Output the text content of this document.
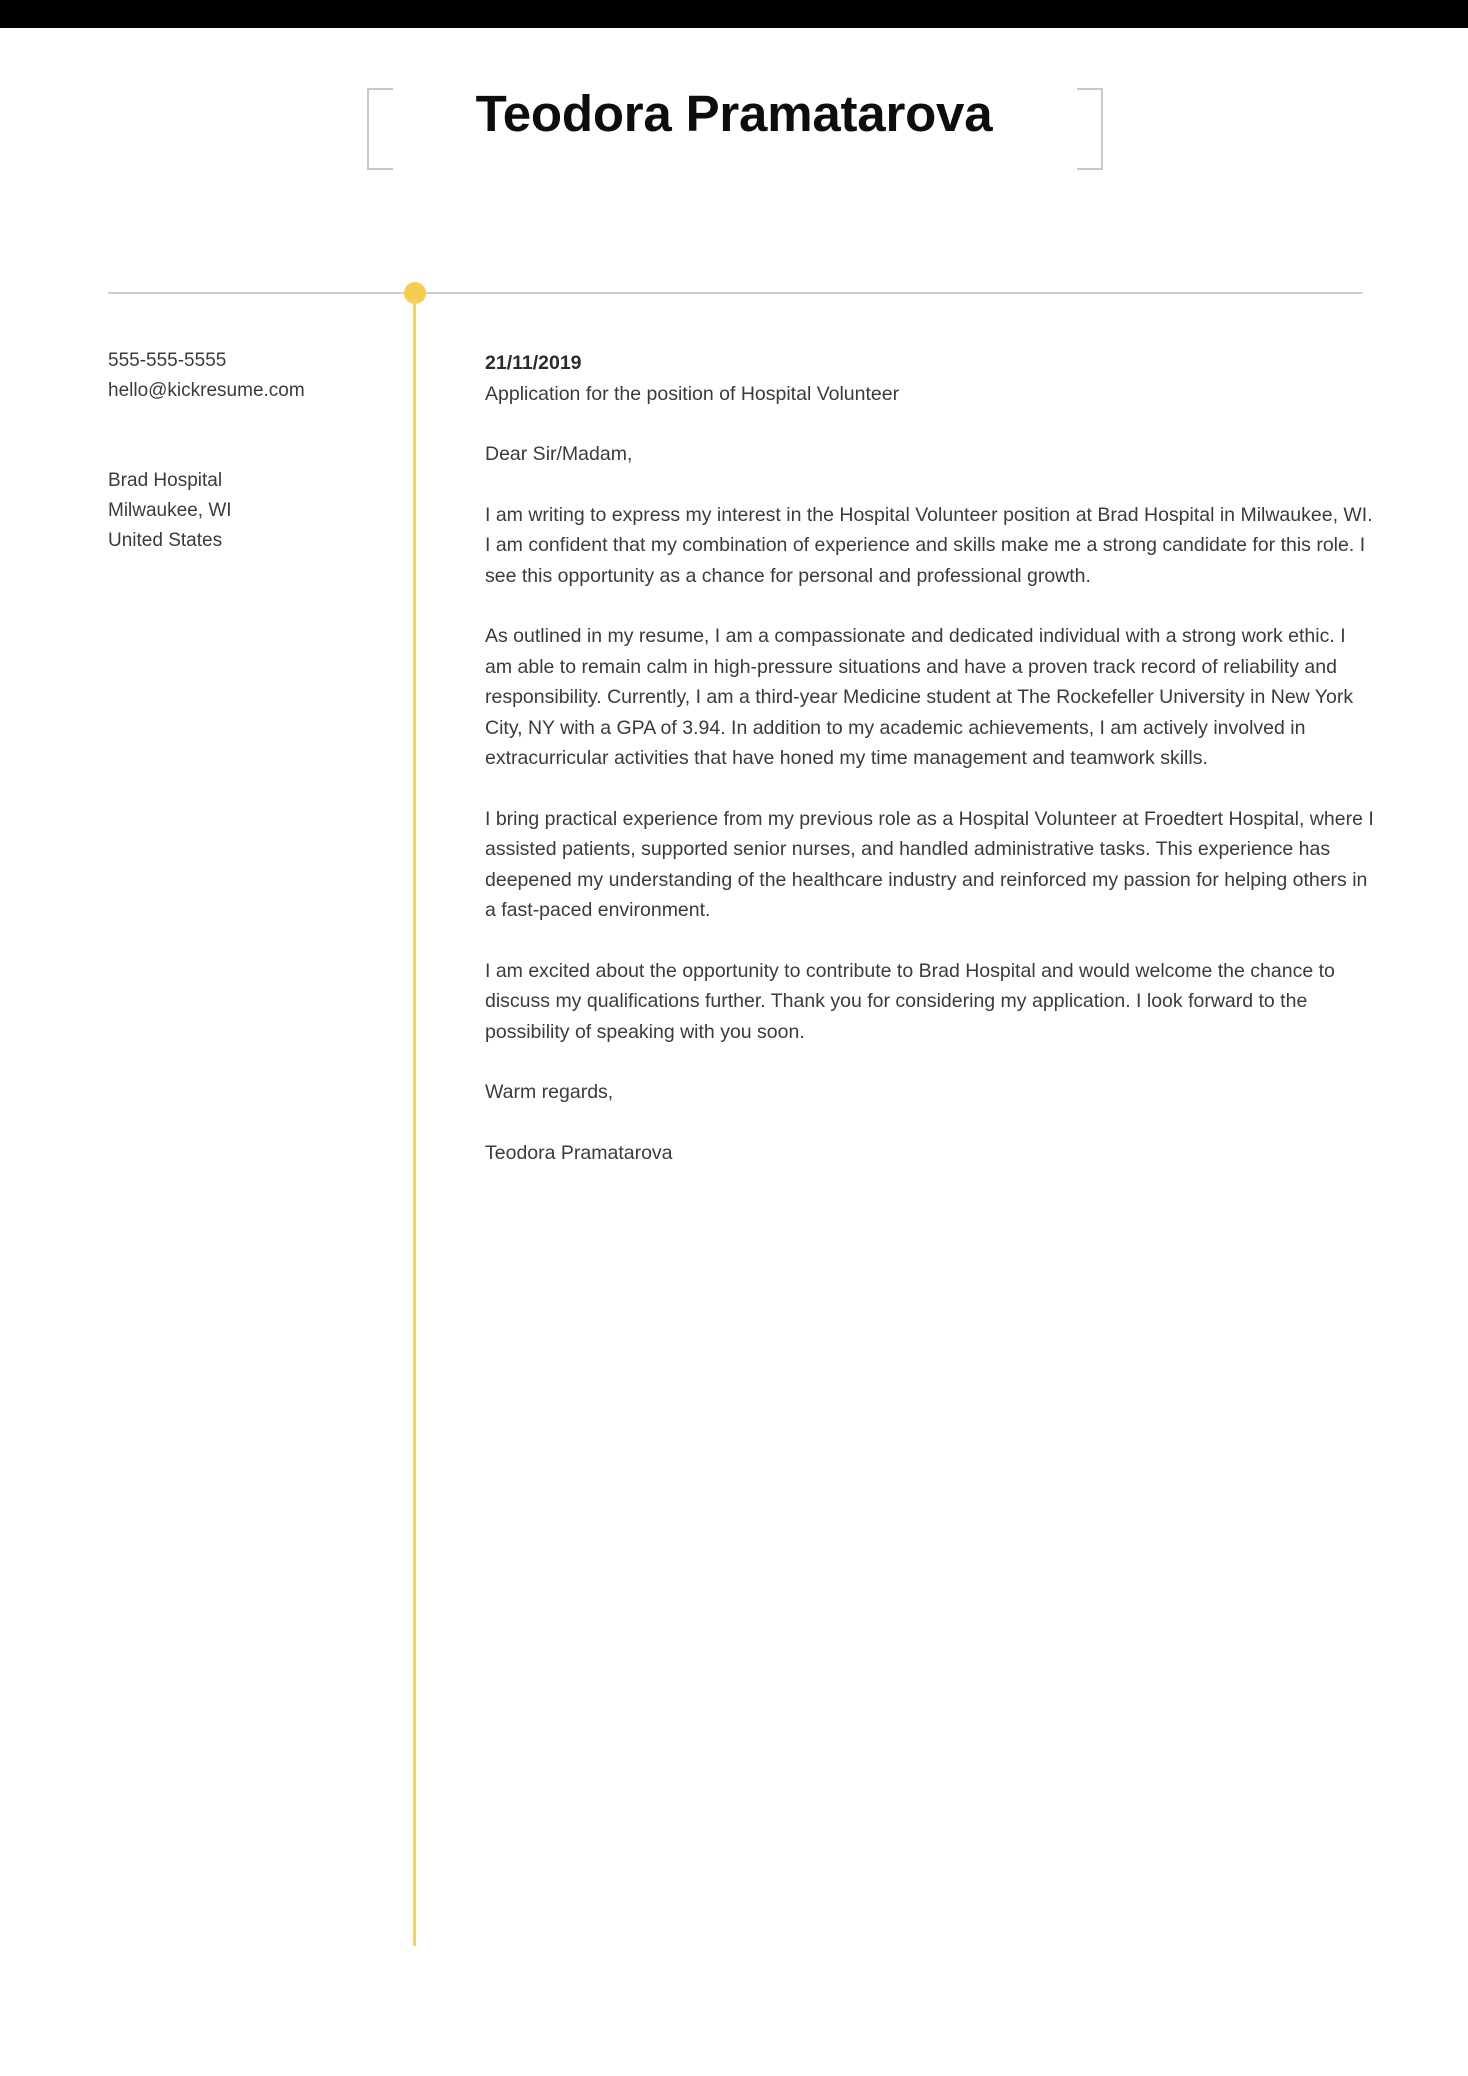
Teodora Pramatarova
555-555-5555
hello@kickresume.com
Brad Hospital
Milwaukee, WI
United States
21/11/2019
Application for the position of Hospital Volunteer

Dear Sir/Madam,

I am writing to express my interest in the Hospital Volunteer position at Brad Hospital in Milwaukee, WI. I am confident that my combination of experience and skills make me a strong candidate for this role. I see this opportunity as a chance for personal and professional growth.

As outlined in my resume, I am a compassionate and dedicated individual with a strong work ethic. I am able to remain calm in high-pressure situations and have a proven track record of reliability and responsibility. Currently, I am a third-year Medicine student at The Rockefeller University in New York City, NY with a GPA of 3.94. In addition to my academic achievements, I am actively involved in extracurricular activities that have honed my time management and teamwork skills.

I bring practical experience from my previous role as a Hospital Volunteer at Froedtert Hospital, where I assisted patients, supported senior nurses, and handled administrative tasks. This experience has deepened my understanding of the healthcare industry and reinforced my passion for helping others in a fast-paced environment.

I am excited about the opportunity to contribute to Brad Hospital and would welcome the chance to discuss my qualifications further. Thank you for considering my application. I look forward to the possibility of speaking with you soon.

Warm regards,

Teodora Pramatarova
